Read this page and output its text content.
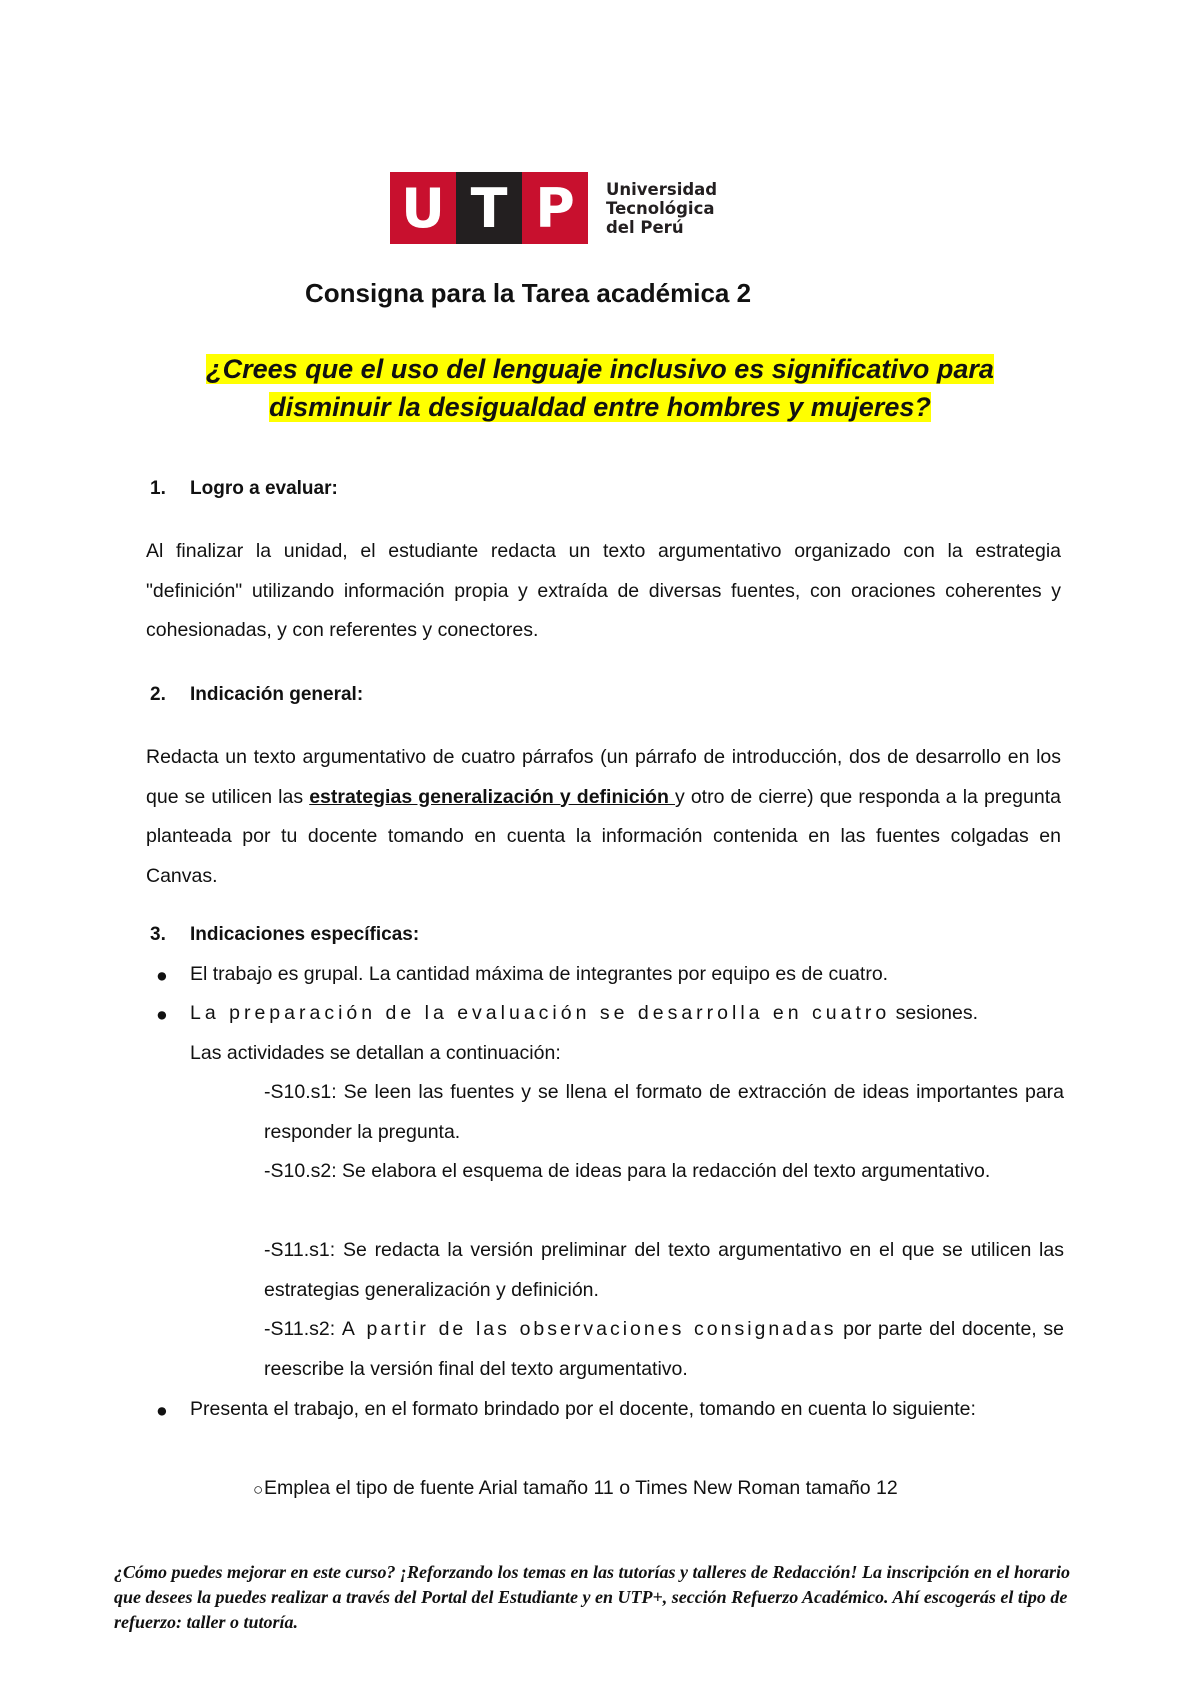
U T P	Universidad
Tecnológica
del Perú
Consigna para la Tarea académica 2
¿Crees que el uso del lenguaje inclusivo es significativo para
disminuir la desigualdad entre hombres y mujeres?
1. Logro a evaluar:

Al finalizar la unidad, el estudiante redacta un texto argumentativo organizado con la estrategia "definición" utilizando información propia y extraída de diversas fuentes, con oraciones coherentes y cohesionadas, y con referentes y conectores.

2. Indicación general:

Redacta un texto argumentativo de cuatro párrafos (un párrafo de introducción, dos de desarrollo en los que se utilicen las estrategias generalización y definición y otro de cierre) que responda a la pregunta planteada por tu docente tomando en cuenta la información contenida en las fuentes colgadas en Canvas.

3. Indicaciones específicas:
● El trabajo es grupal. La cantidad máxima de integrantes por equipo es de cuatro.
● La preparación de la evaluación se desarrolla en cuatro sesiones.
Las actividades se detallan a continuación:
-S10.s1: Se leen las fuentes y se llena el formato de extracción de ideas importantes para responder la pregunta.
-S10.s2: Se elabora el esquema de ideas para la redacción del texto argumentativo.
-S11.s1: Se redacta la versión preliminar del texto argumentativo en el que se utilicen las estrategias generalización y definición.
-S11.s2: A partir de las observaciones consignadas por parte del docente, se reescribe la versión final del texto argumentativo.
● Presenta el trabajo, en el formato brindado por el docente, tomando en cuenta lo siguiente:
○ Emplea el tipo de fuente Arial tamaño 11 o Times New Roman tamaño 12
¿Cómo puedes mejorar en este curso? ¡Reforzando los temas en las tutorías y talleres de Redacción! La inscripción en el horario que desees la puedes realizar a través del Portal del Estudiante y en UTP+, sección Refuerzo Académico. Ahí escogerás el tipo de refuerzo: taller o tutoría.
